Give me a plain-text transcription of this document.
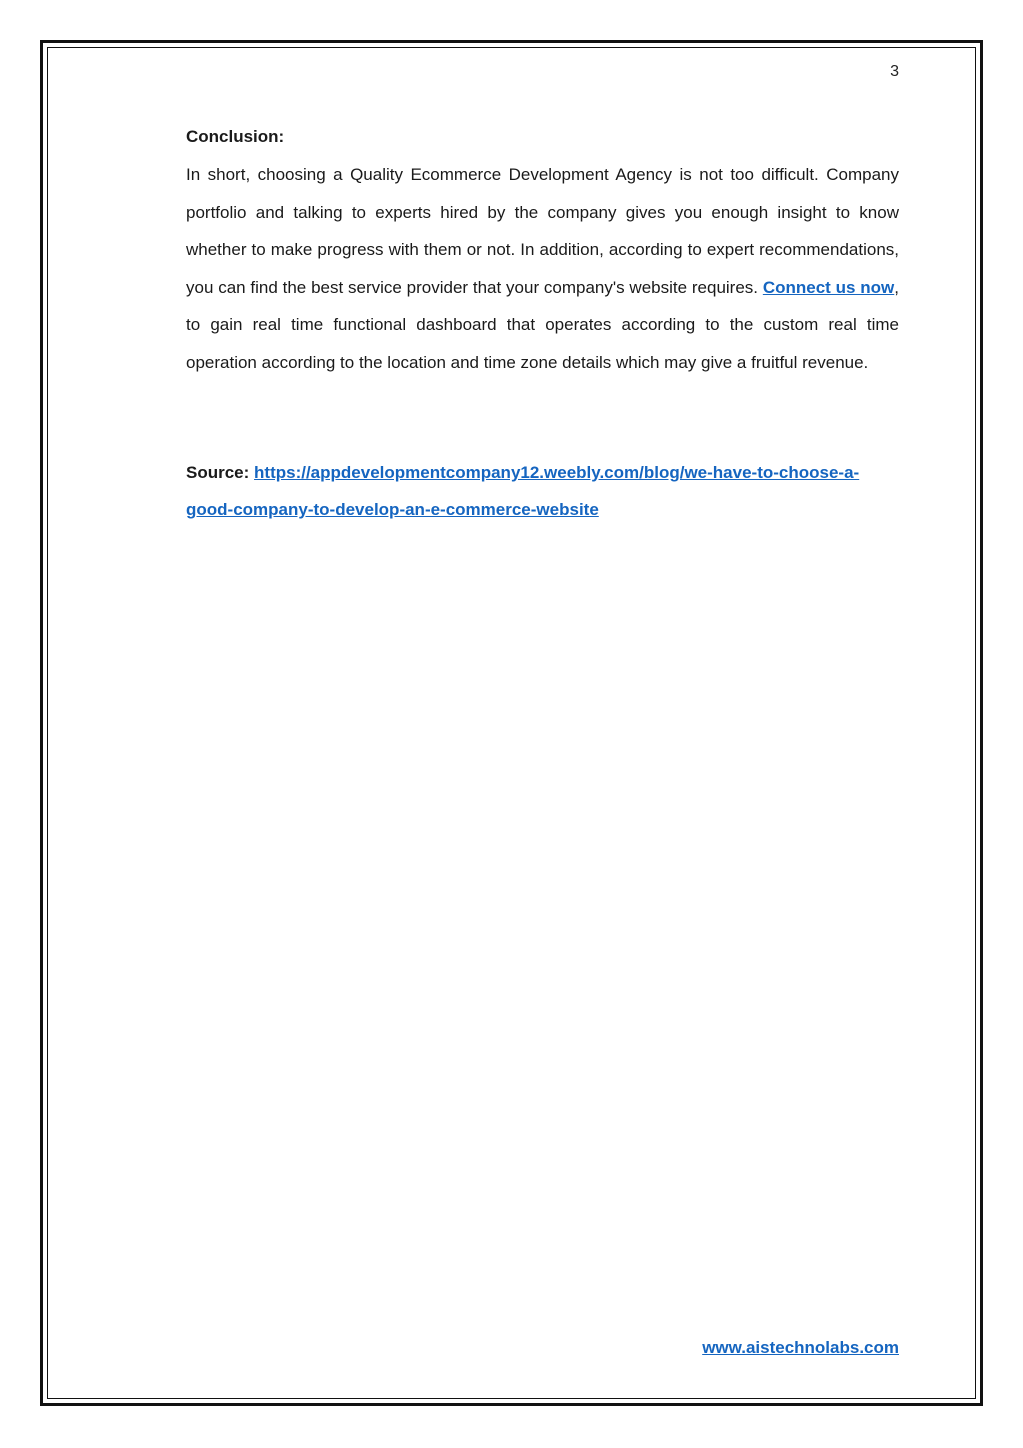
3
Conclusion:

In short, choosing a Quality Ecommerce Development Agency is not too difficult. Company portfolio and talking to experts hired by the company gives you enough insight to know whether to make progress with them or not. In addition, according to expert recommendations, you can find the best service provider that your company's website requires. Connect us now, to gain real time functional dashboard that operates according to the custom real time operation according to the location and time zone details which may give a fruitful revenue.

Source: https://appdevelopmentcompany12.weebly.com/blog/we-have-to-choose-a-good-company-to-develop-an-e-commerce-website
www.aistechnolabs.com
